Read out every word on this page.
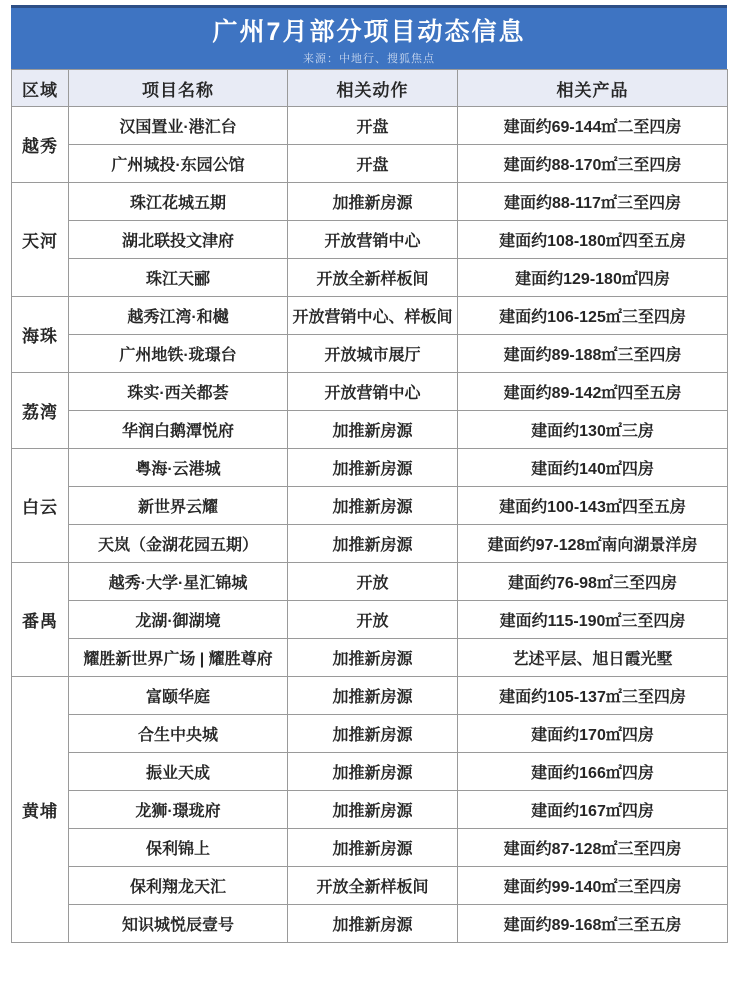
广州7月部分项目动态信息
来源：中地行、搜狐焦点
区域	项目名称	相关动作	相关产品
越秀	汉国置业·港汇台	开盘	建面约69-144㎡二至四房
	广州城投·东园公馆	开盘	建面约88-170㎡三至四房
天河	珠江花城五期	加推新房源	建面约88-117㎡三至四房
	湖北联投文津府	开放营销中心	建面约108-180㎡四至五房
	珠江天郦	开放全新样板间	建面约129-180㎡四房
海珠	越秀江湾·和樾	开放营销中心、样板间	建面约106-125㎡三至四房
	广州地铁·珑璟台	开放城市展厅	建面约89-188㎡三至四房
荔湾	珠实·西关都荟	开放营销中心	建面约89-142㎡四至五房
	华润白鹅潭悦府	加推新房源	建面约130㎡三房
白云	粤海·云港城	加推新房源	建面约140㎡四房
	新世界云耀	加推新房源	建面约100-143㎡四至五房
	天岚（金湖花园五期）	加推新房源	建面约97-128㎡南向湖景洋房
番禺	越秀·大学·星汇锦城	开放	建面约76-98㎡三至四房
	龙湖·御湖境	开放	建面约115-190㎡三至四房
	耀胜新世界广场 | 耀胜尊府	加推新房源	艺述平层、旭日霞光墅
黄埔	富颐华庭	加推新房源	建面约105-137㎡三至四房
	合生中央城	加推新房源	建面约170㎡四房
	振业天成	加推新房源	建面约166㎡四房
	龙狮·璟珑府	加推新房源	建面约167㎡四房
	保利锦上	加推新房源	建面约87-128㎡三至四房
	保利翔龙天汇	开放全新样板间	建面约99-140㎡三至四房
	知识城悦辰壹号	加推新房源	建面约89-168㎡三至五房
